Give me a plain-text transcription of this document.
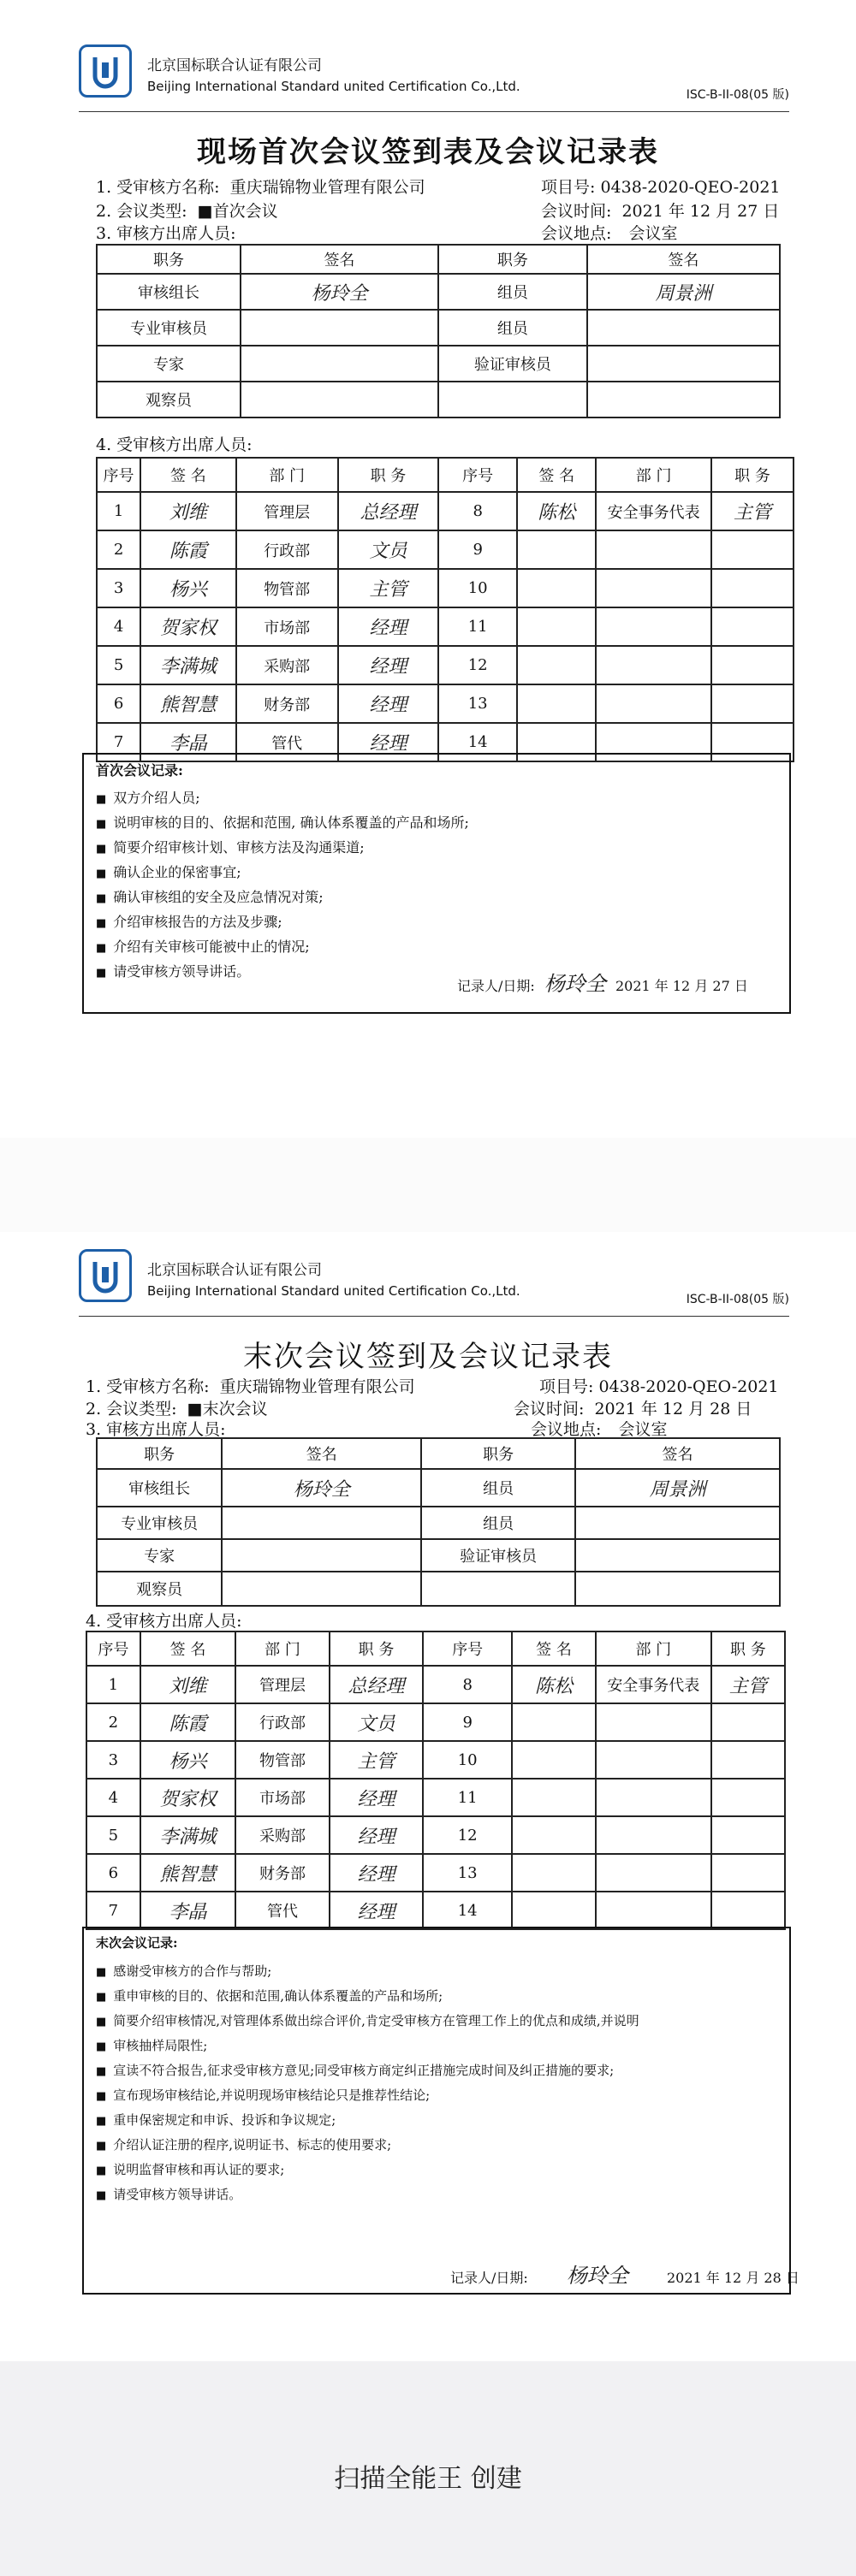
北京国标联合认证有限公司
Beijing International Standard united Certification Co.,Ltd.
ISC-B-II-08(05 版)
现场首次会议签到表及会议记录表
1. 受审核方名称: 重庆瑞锦物业管理有限公司	项目号: 0438-2020-QEO-2021
2. 会议类型: ■首次会议	会议时间: 2021 年 12 月 27 日
3. 审核方出席人员:	会议地点: 会议室
职务	签名	职务	签名
审核组长	杨玲全	组员	周景洲
专业审核员		组员	
专家		验证审核员	
观察员			
4. 受审核方出席人员:
序号	签 名	部 门	职 务	序号	签 名	部 门	职 务
1	刘维	管理层	总经理	8	陈松	安全事务代表	主管
2	陈霞	行政部	文员	9			
3	杨兴	物管部	主管	10			
4	贺家权	市场部	经理	11			
5	李满城	采购部	经理	12			
6	熊智慧	财务部	经理	13			
7	李晶	管代	经理	14			
首次会议记录:
■ 双方介绍人员;
■ 说明审核的目的、依据和范围, 确认体系覆盖的产品和场所;
■ 简要介绍审核计划、审核方法及沟通渠道;
■ 确认企业的保密事宜;
■ 确认审核组的安全及应急情况对策;
■ 介绍审核报告的方法及步骤;
■ 介绍有关审核可能被中止的情况;
■ 请受审核方领导讲话。
记录人/日期: 杨玲全 2021 年 12 月 27 日
北京国标联合认证有限公司
Beijing International Standard united Certification Co.,Ltd.
ISC-B-II-08(05 版)
末次会议签到及会议记录表
1. 受审核方名称: 重庆瑞锦物业管理有限公司	项目号: 0438-2020-QEO-2021
2. 会议类型: ■末次会议	会议时间: 2021 年 12 月 28 日
3. 审核方出席人员:	会议地点: 会议室
职务	签名	职务	签名
审核组长	杨玲全	组员	周景洲
专业审核员		组员	
专家		验证审核员	
观察员			
4. 受审核方出席人员:
序号	签 名	部 门	职 务	序号	签 名	部 门	职 务
1	刘维	管理层	总经理	8	陈松	安全事务代表	主管
2	陈霞	行政部	文员	9			
3	杨兴	物管部	主管	10			
4	贺家权	市场部	经理	11			
5	李满城	采购部	经理	12			
6	熊智慧	财务部	经理	13			
7	李晶	管代	经理	14			
末次会议记录:
■ 感谢受审核方的合作与帮助;
■ 重申审核的目的、依据和范围,确认体系覆盖的产品和场所;
■ 简要介绍审核情况,对管理体系做出综合评价,肯定受审核方在管理工作上的优点和成绩,并说明
■ 审核抽样局限性;
■ 宣读不符合报告,征求受审核方意见;同受审核方商定纠正措施完成时间及纠正措施的要求;
■ 宣布现场审核结论,并说明现场审核结论只是推荐性结论;
■ 重申保密规定和申诉、投诉和争议规定;
■ 介绍认证注册的程序,说明证书、标志的使用要求;
■ 说明监督审核和再认证的要求;
■ 请受审核方领导讲话。
记录人/日期: 杨玲全	2021 年 12 月 28 日
扫描全能王 创建
